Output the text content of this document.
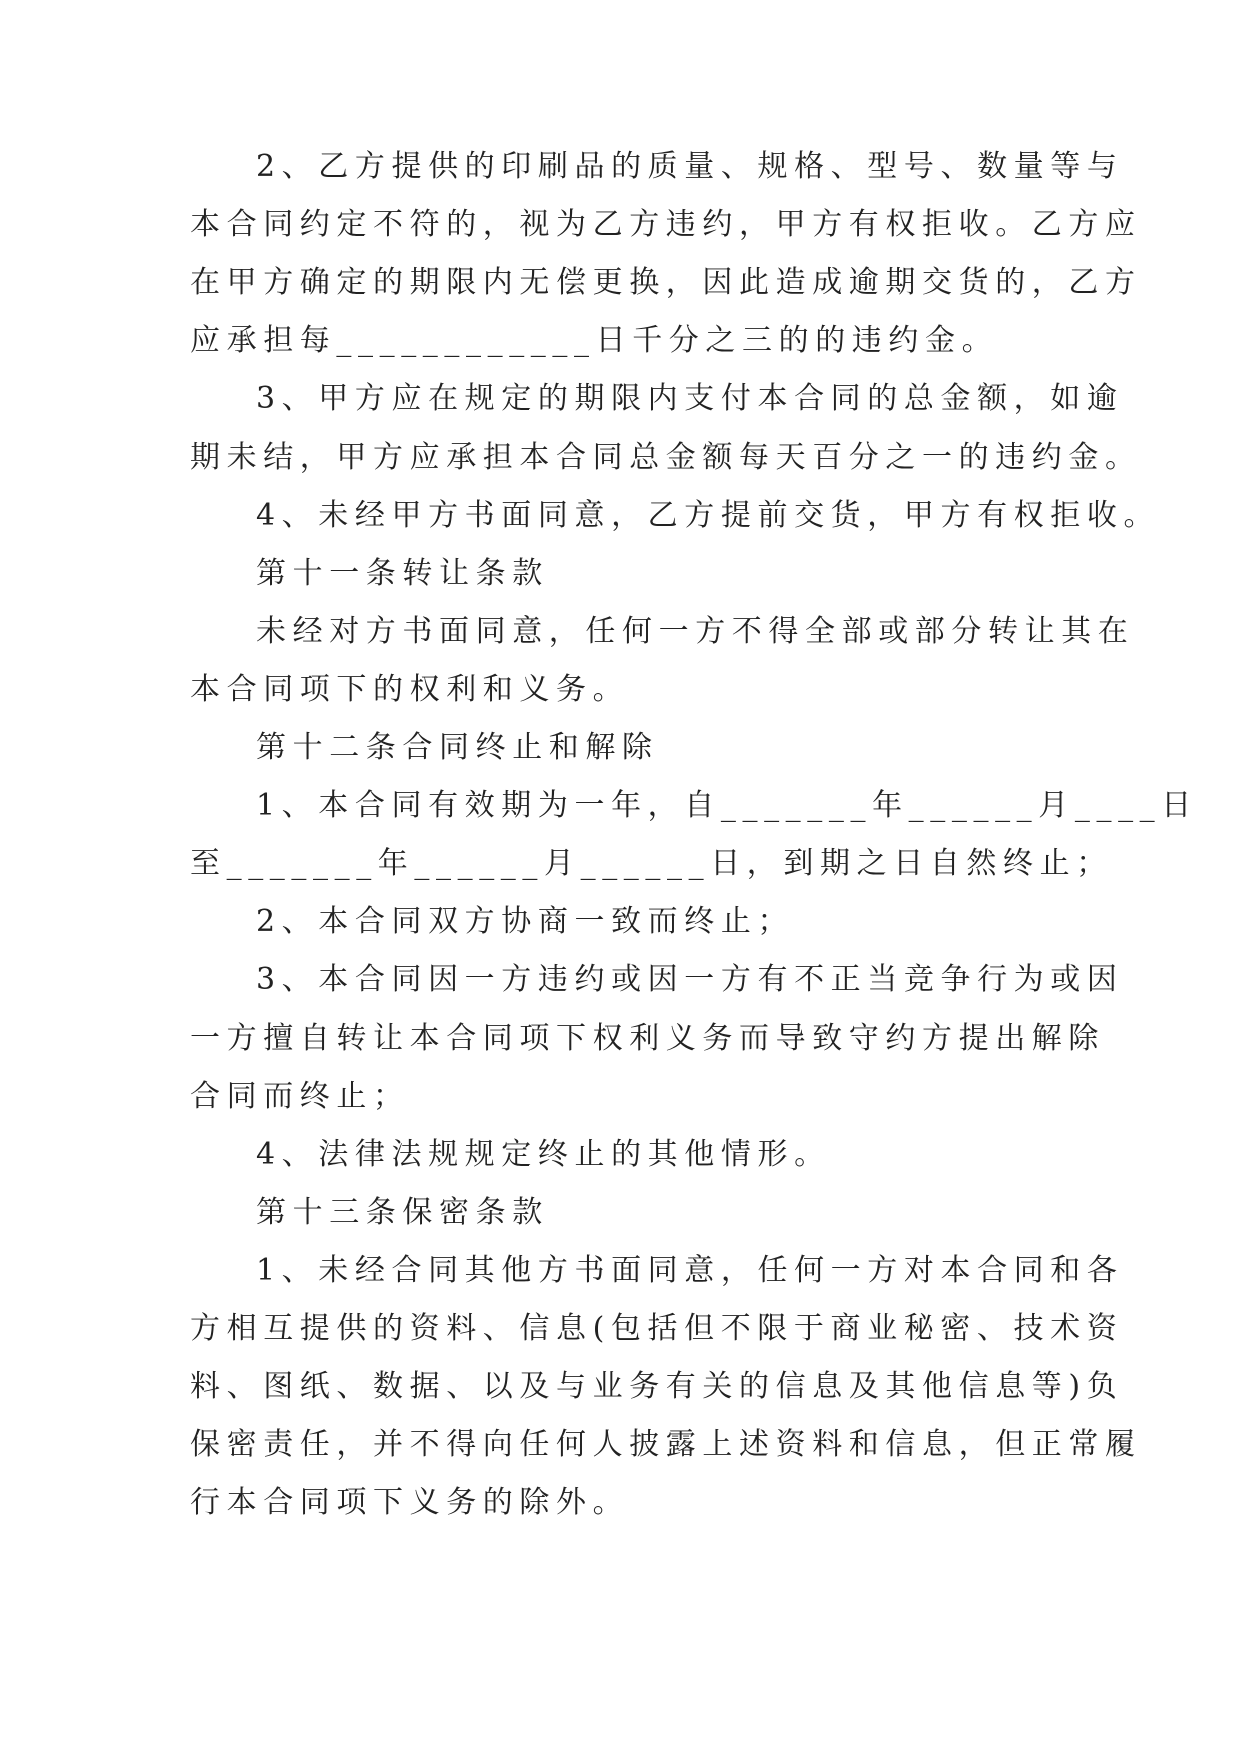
2、乙方提供的印刷品的质量、规格、型号、数量等与
本合同约定不符的，视为乙方违约，甲方有权拒收。乙方应
在甲方确定的期限内无偿更换，因此造成逾期交货的，乙方
应承担每____________日千分之三的的违约金。
3、甲方应在规定的期限内支付本合同的总金额，如逾
期未结，甲方应承担本合同总金额每天百分之一的违约金。
4、未经甲方书面同意，乙方提前交货，甲方有权拒收。
第十一条转让条款
未经对方书面同意，任何一方不得全部或部分转让其在
本合同项下的权利和义务。
第十二条合同终止和解除
1、本合同有效期为一年，自_______年______月____日
至_______年______月______日，到期之日自然终止；
2、本合同双方协商一致而终止；
3、本合同因一方违约或因一方有不正当竞争行为或因
一方擅自转让本合同项下权利义务而导致守约方提出解除
合同而终止；
4、法律法规规定终止的其他情形。
第十三条保密条款
1、未经合同其他方书面同意，任何一方对本合同和各
方相互提供的资料、信息(包括但不限于商业秘密、技术资
料、图纸、数据、以及与业务有关的信息及其他信息等)负
保密责任，并不得向任何人披露上述资料和信息，但正常履
行本合同项下义务的除外。
